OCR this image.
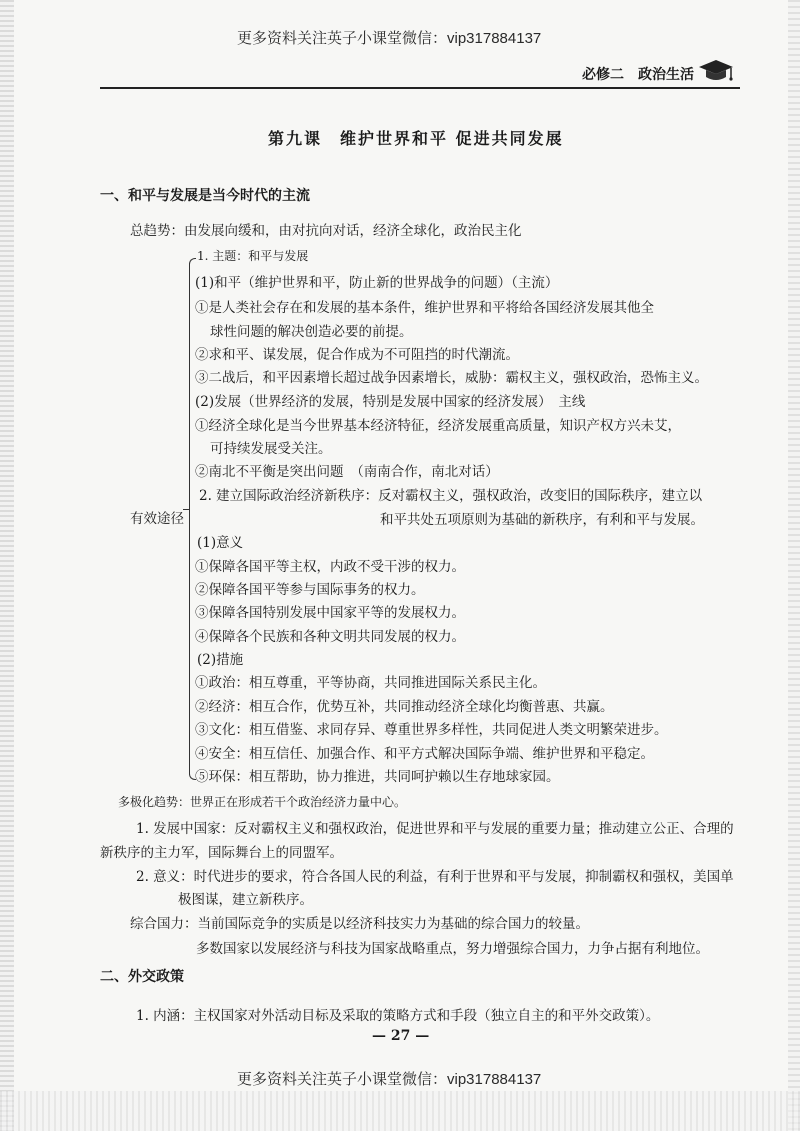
更多资料关注英子小课堂微信：vip317884137
必修二　政治生活
第九课　维护世界和平 促进共同发展
一、和平与发展是当今时代的主流
总趋势：由发展向缓和，由对抗向对话，经济全球化，政治民主化
有效途径
1. 主题：和平与发展
(1)和平（维护世界和平，防止新的世界战争的问题）（主流）
①是人类社会存在和发展的基本条件，维护世界和平将给各国经济发展其他全
球性问题的解决创造必要的前提。
②求和平、谋发展，促合作成为不可阻挡的时代潮流。
③二战后，和平因素增长超过战争因素增长，威胁：霸权主义，强权政治，恐怖主义。
(2)发展（世界经济的发展，特别是发展中国家的经济发展）　主线
①经济全球化是当今世界基本经济特征，经济发展重高质量，知识产权方兴未艾，
可持续发展受关注。
②南北不平衡是突出问题　（南南合作，南北对话）
2. 建立国际政治经济新秩序：反对霸权主义，强权政治，改变旧的国际秩序，建立以
和平共处五项原则为基础的新秩序，有利和平与发展。
(1)意义
①保障各国平等主权，内政不受干涉的权力。
②保障各国平等参与国际事务的权力。
③保障各国特别发展中国家平等的发展权力。
④保障各个民族和各种文明共同发展的权力。
(2)措施
①政治：相互尊重，平等协商，共同推进国际关系民主化。
②经济：相互合作，优势互补，共同推动经济全球化均衡普惠、共赢。
③文化：相互借鉴、求同存异、尊重世界多样性，共同促进人类文明繁荣进步。
④安全：相互信任、加强合作、和平方式解决国际争端、维护世界和平稳定。
⑤环保：相互帮助，协力推进，共同呵护赖以生存地球家园。
多极化趋势：世界正在形成若干个政治经济力量中心。
1. 发展中国家：反对霸权主义和强权政治，促进世界和平与发展的重要力量；推动建立公正、合理的
新秩序的主力军，国际舞台上的同盟军。
2. 意义：时代进步的要求，符合各国人民的利益，有利于世界和平与发展，抑制霸权和强权，美国单
极图谋，建立新秩序。
综合国力：当前国际竞争的实质是以经济科技实力为基础的综合国力的较量。
多数国家以发展经济与科技为国家战略重点，努力增强综合国力，力争占据有利地位。
二、外交政策
1. 内涵：主权国家对外活动目标及采取的策略方式和手段（独立自主的和平外交政策）。
— 27 —
更多资料关注英子小课堂微信：vip317884137
